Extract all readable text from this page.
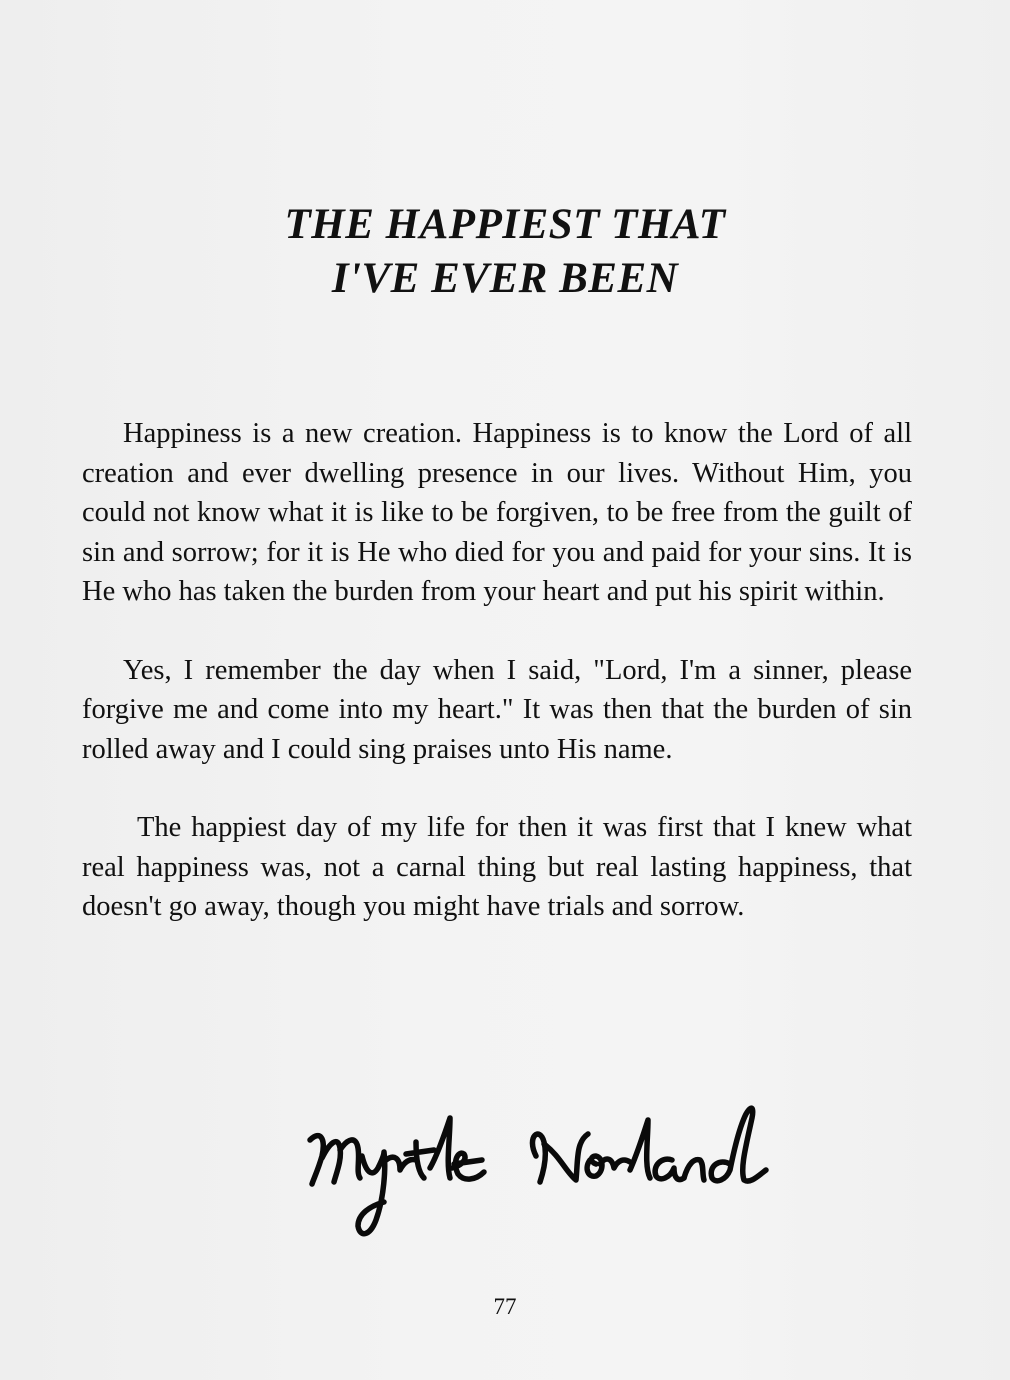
THE HAPPIEST THAT
I'VE EVER BEEN

Happiness is a new creation. Happiness is to know the Lord of all creation and ever dwelling presence in our lives. Without Him, you could not know what it is like to be forgiven, to be free from the guilt of sin and sorrow; for it is He who died for you and paid for your sins. It is He who has taken the burden from your heart and put his spirit within.

Yes, I remember the day when I said, "Lord, I'm a sinner, please forgive me and come into my heart." It was then that the burden of sin rolled away and I could sing praises unto His name.

The happiest day of my life for then it was first that I knew what real happiness was, not a carnal thing but real lasting happiness, that doesn't go away, though you might have trials and sorrow.

77
